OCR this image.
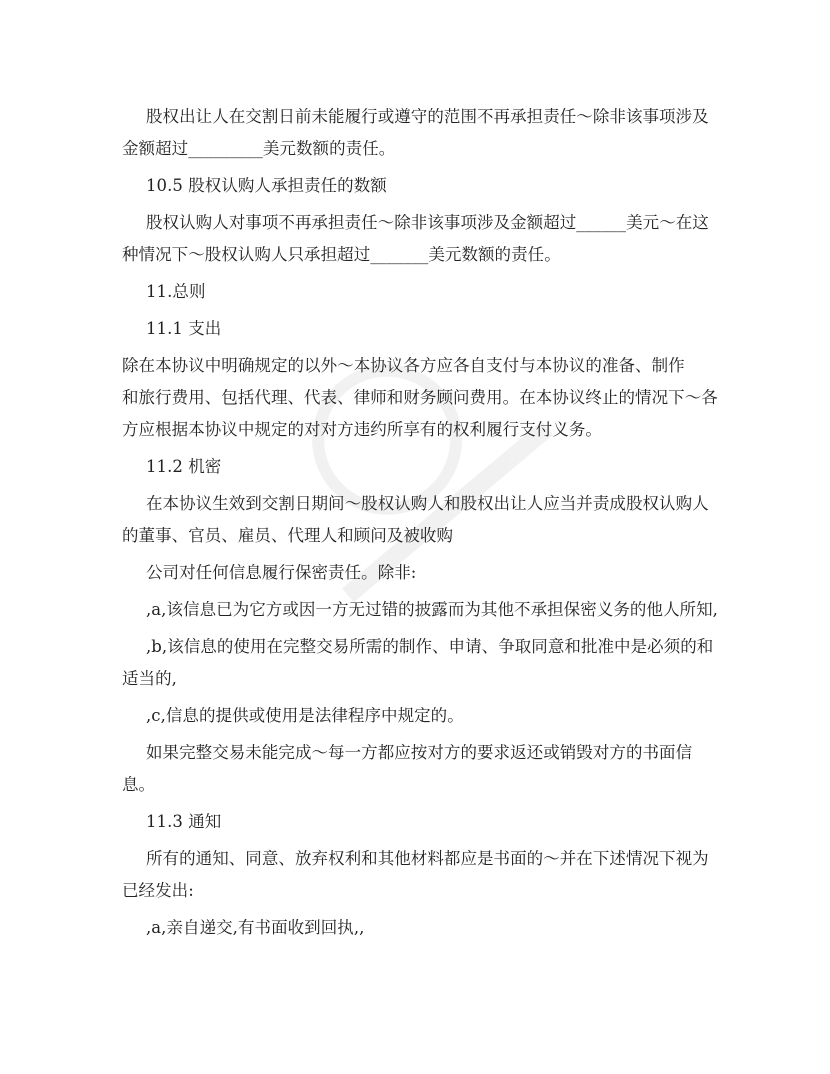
股权出让人在交割日前未能履行或遵守的范围不再承担责任～除非该事项涉及
金额超过_________美元数额的责任。
10.5 股权认购人承担责任的数额
股权认购人对事项不再承担责任～除非该事项涉及金额超过______美元～在这
种情况下～股权认购人只承担超过_______美元数额的责任。
11.总则
11.1 支出
除在本协议中明确规定的以外～本协议各方应各自支付与本协议的准备、制作
和旅行费用、包括代理、代表、律师和财务顾问费用。在本协议终止的情况下～各
方应根据本协议中规定的对对方违约所享有的权利履行支付义务。
11.2 机密
在本协议生效到交割日期间～股权认购人和股权出让人应当并责成股权认购人
的董事、官员、雇员、代理人和顾问及被收购
公司对任何信息履行保密责任。除非:
,a,该信息已为它方或因一方无过错的披露而为其他不承担保密义务的他人所知,
,b,该信息的使用在完整交易所需的制作、申请、争取同意和批准中是必须的和
适当的,
,c,信息的提供或使用是法律程序中规定的。
如果完整交易未能完成～每一方都应按对方的要求返还或销毁对方的书面信
息。
11.3 通知
所有的通知、同意、放弃权利和其他材料都应是书面的～并在下述情况下视为
已经发出:
,a,亲自递交,有书面收到回执,,
